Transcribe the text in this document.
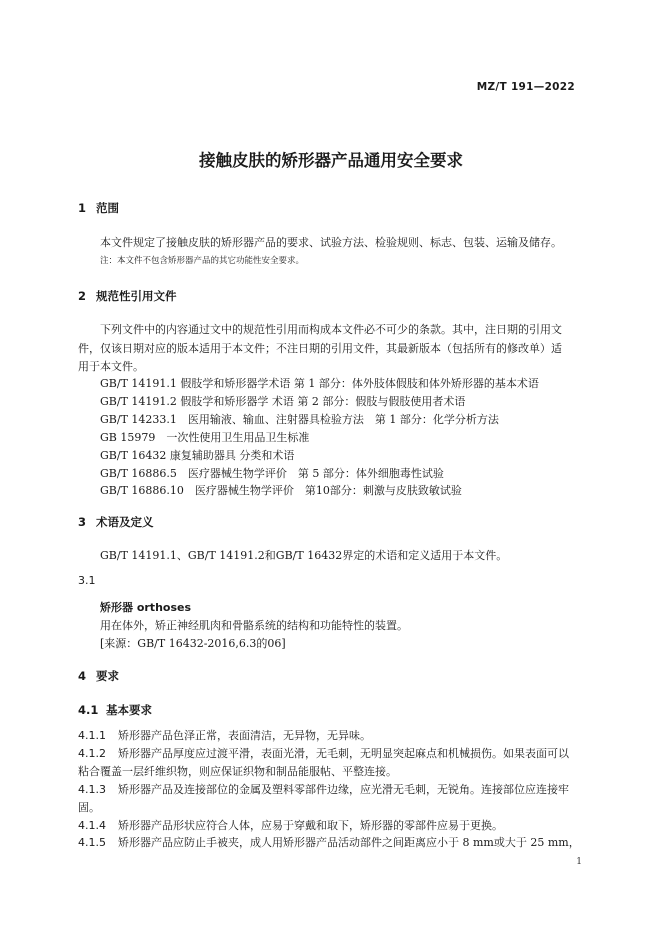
MZ/T 191—2022
接触皮肤的矫形器产品通用安全要求
1 范围
本文件规定了接触皮肤的矫形器产品的要求、试验方法、检验规则、标志、包装、运输及储存。
注：本文件不包含矫形器产品的其它功能性安全要求。
2 规范性引用文件
下列文件中的内容通过文中的规范性引用而构成本文件必不可少的条款。其中，注日期的引用文
件，仅该日期对应的版本适用于本文件；不注日期的引用文件，其最新版本（包括所有的修改单）适
用于本文件。
GB/T 14191.1 假肢学和矫形器学术语 第 1 部分：体外肢体假肢和体外矫形器的基本术语
GB/T 14191.2 假肢学和矫形器学 术语 第 2 部分：假肢与假肢使用者术语
GB/T 14233.1　医用输液、输血、注射器具检验方法　第 1 部分：化学分析方法
GB 15979　一次性使用卫生用品卫生标准
GB/T 16432 康复辅助器具 分类和术语
GB/T 16886.5　医疗器械生物学评价　第 5 部分：体外细胞毒性试验
GB/T 16886.10　医疗器械生物学评价　第10部分：刺激与皮肤致敏试验
3 术语及定义
GB/T 14191.1、GB/T 14191.2和GB/T 16432界定的术语和定义适用于本文件。
3.1
矫形器 orthoses
用在体外，矫正神经肌肉和骨骼系统的结构和功能特性的装置。
[来源：GB/T 16432-2016,6.3的06]
4 要求
4.1 基本要求
4.1.1 矫形器产品色泽正常，表面清洁，无异物，无异味。
4.1.2 矫形器产品厚度应过渡平滑，表面光滑，无毛刺，无明显突起麻点和机械损伤。如果表面可以
粘合覆盖一层纤维织物，则应保证织物和制品能服帖、平整连接。
4.1.3 矫形器产品及连接部位的金属及塑料零部件边缘，应光滑无毛刺，无锐角。连接部位应连接牢
固。
4.1.4 矫形器产品形状应符合人体，应易于穿戴和取下，矫形器的零部件应易于更换。
4.1.5 矫形器产品应防止手被夹，成人用矫形器产品活动部件之间距离应小于 8 mm或大于 25 mm，
1
